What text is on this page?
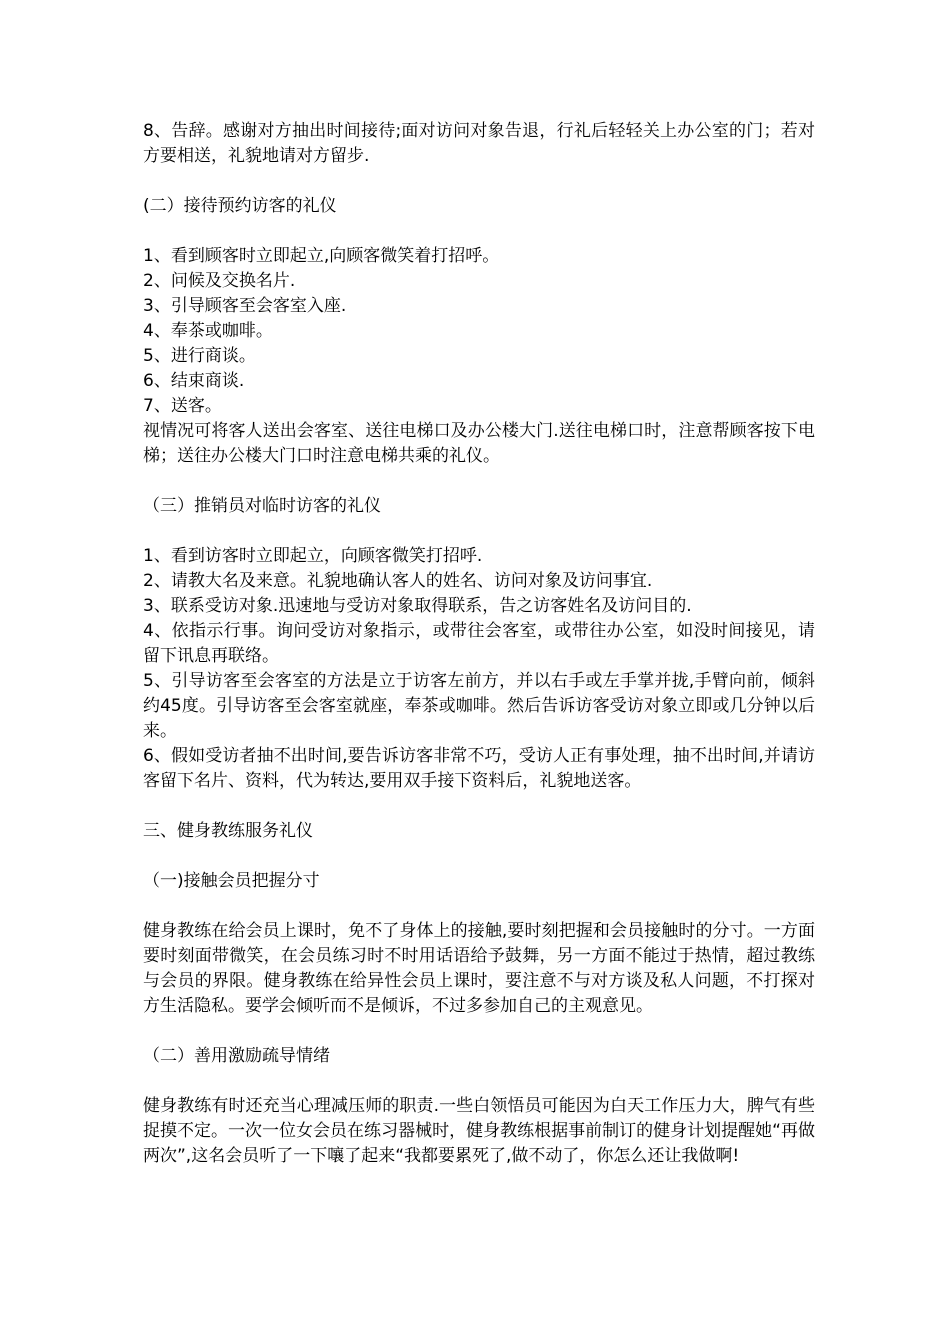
8、告辞。感谢对方抽出时间接待;面对访问对象告退，行礼后轻轻关上办公室的门；若对方要相送，礼貌地请对方留步.

(二）接待预约访客的礼仪

1、看到顾客时立即起立,向顾客微笑着打招呼。

2、问候及交换名片.

3、引导顾客至会客室入座.

4、奉茶或咖啡。

5、进行商谈。

6、结束商谈.

7、送客。

视情况可将客人送出会客室、送往电梯口及办公楼大门.送往电梯口时，注意帮顾客按下电梯；送往办公楼大门口时注意电梯共乘的礼仪。

（三）推销员对临时访客的礼仪

1、看到访客时立即起立，向顾客微笑打招呼.

2、请教大名及来意。礼貌地确认客人的姓名、访问对象及访问事宜.

3、联系受访对象.迅速地与受访对象取得联系，告之访客姓名及访问目的.

4、依指示行事。询问受访对象指示，或带往会客室，或带往办公室，如没时间接见，请留下讯息再联络。

5、引导访客至会客室的方法是立于访客左前方，并以右手或左手掌并拢,手臂向前，倾斜约45度。引导访客至会客室就座，奉茶或咖啡。然后告诉访客受访对象立即或几分钟以后来。

6、假如受访者抽不出时间,要告诉访客非常不巧，受访人正有事处理，抽不出时间,并请访客留下名片、资料，代为转达,要用双手接下资料后，礼貌地送客。

三、健身教练服务礼仪

（一)接触会员把握分寸

健身教练在给会员上课时，免不了身体上的接触,要时刻把握和会员接触时的分寸。一方面要时刻面带微笑，在会员练习时不时用话语给予鼓舞，另一方面不能过于热情，超过教练与会员的界限。健身教练在给异性会员上课时，要注意不与对方谈及私人问题，不打探对方生活隐私。要学会倾听而不是倾诉，不过多参加自己的主观意见。

（二）善用激励疏导情绪

健身教练有时还充当心理减压师的职责.一些白领悟员可能因为白天工作压力大，脾气有些捉摸不定。一次一位女会员在练习器械时，健身教练根据事前制订的健身计划提醒她“再做两次”,这名会员听了一下嚷了起来“我都要累死了,做不动了，你怎么还让我做啊!
